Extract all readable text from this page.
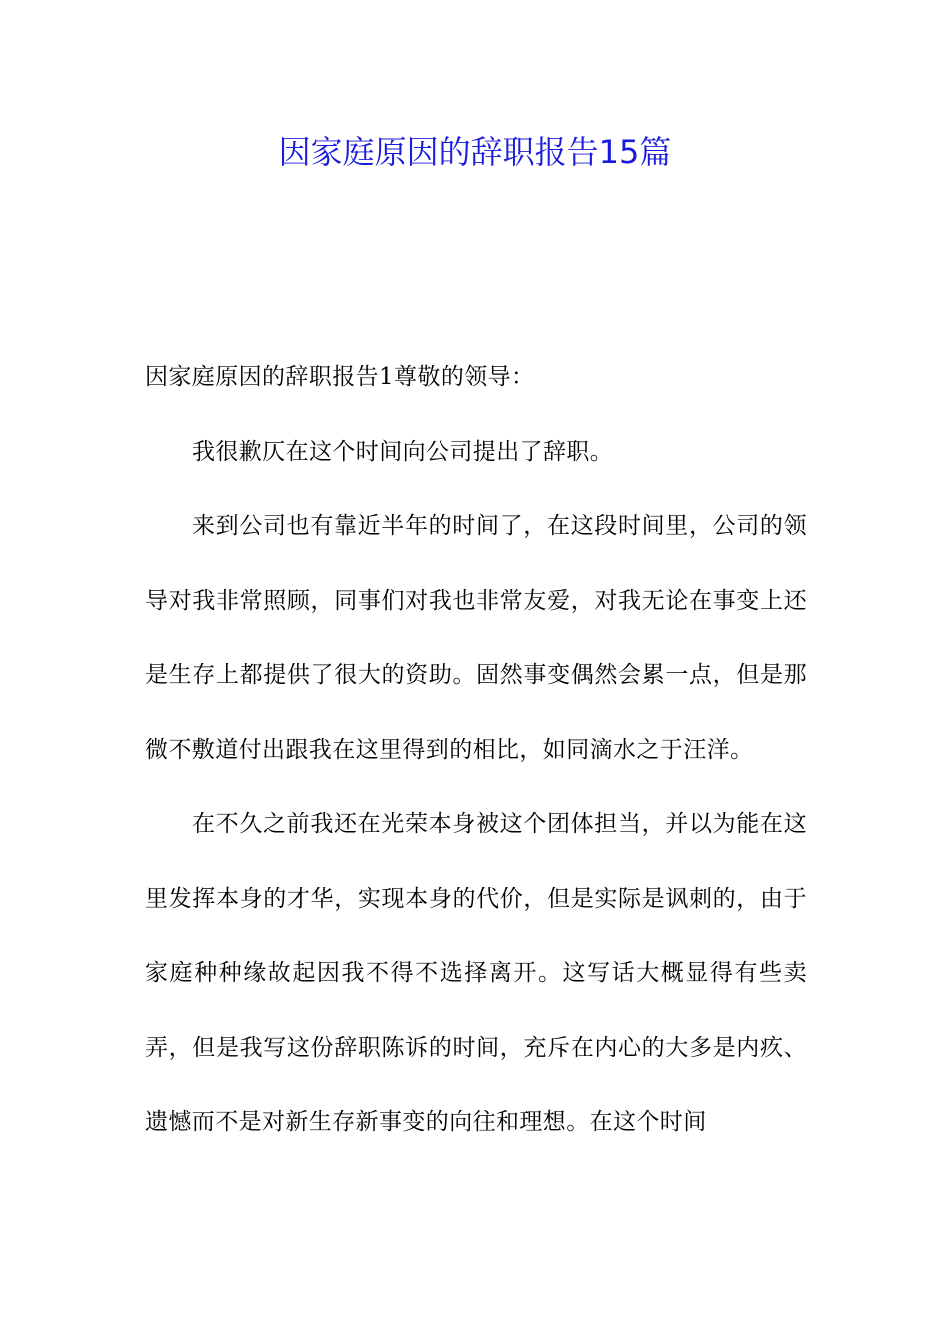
因家庭原因的辞职报告15篇

因家庭原因的辞职报告1尊敬的领导：

我很歉仄在这个时间向公司提出了辞职。

来到公司也有靠近半年的时间了，在这段时间里，公司的领导对我非常照顾，同事们对我也非常友爱，对我无论在事变上还是生存上都提供了很大的资助。固然事变偶然会累一点，但是那微不敷道付出跟我在这里得到的相比，如同滴水之于汪洋。

在不久之前我还在光荣本身被这个团体担当，并以为能在这里发挥本身的才华，实现本身的代价，但是实际是讽刺的，由于家庭种种缘故起因我不得不选择离开。这写话大概显得有些卖弄，但是我写这份辞职陈诉的时间，充斥在内心的大多是内疚、遗憾而不是对新生存新事变的向往和理想。在这个时间
